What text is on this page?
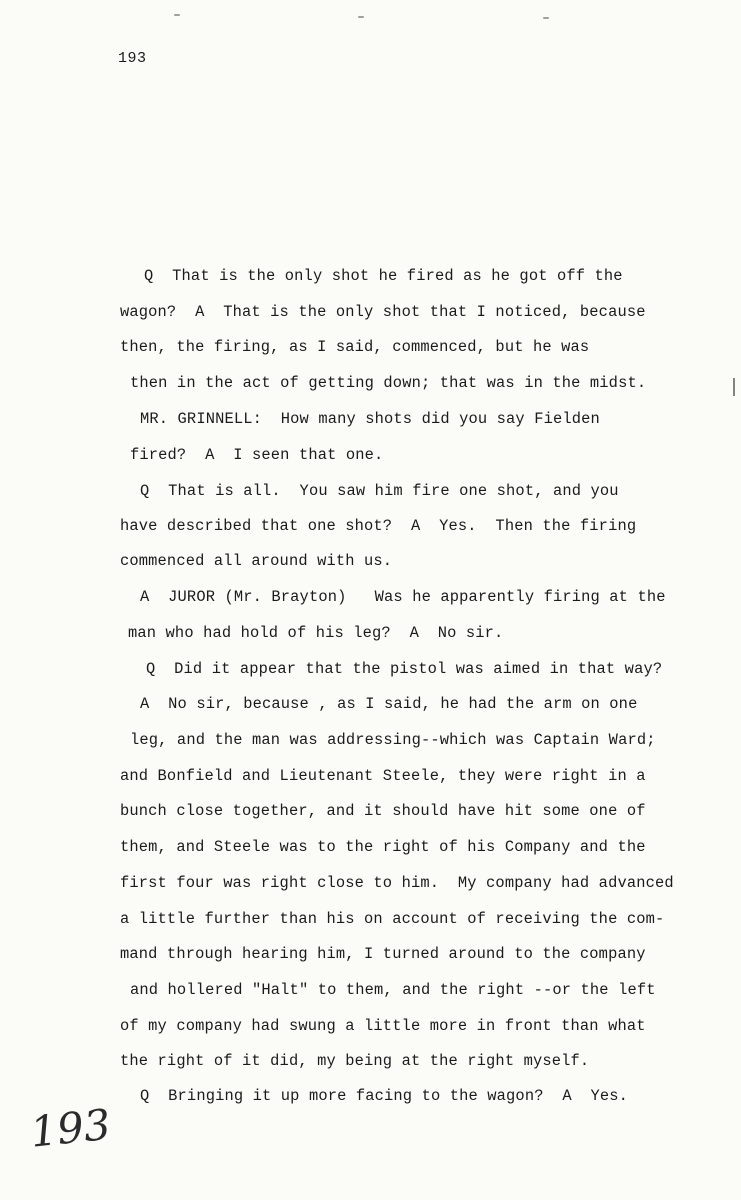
193
Q  That is the only shot he fired as he got off the
wagon?  A  That is the only shot that I noticed, because
then, the firing, as I said, commenced, but he was
then in the act of getting down; that was in the midst.
MR. GRINNELL:  How many shots did you say Fielden
fired?  A  I seen that one.
Q  That is all.  You saw him fire one shot, and you
have described that one shot?  A  Yes.  Then the firing
commenced all around with us.
A  JUROR (Mr. Brayton)   Was he apparently firing at the
man who had hold of his leg?  A  No sir.
Q  Did it appear that the pistol was aimed in that way?
A  No sir, because , as I said, he had the arm on one
leg, and the man was addressing--which was Captain Ward;
and Bonfield and Lieutenant Steele, they were right in a
bunch close together, and it should have hit some one of
them, and Steele was to the right of his Company and the
first four was right close to him.  My company had advanced
a little further than his on account of receiving the com-
mand through hearing him, I turned around to the company
and hollered "Halt" to them, and the right --or the left
of my company had swung a little more in front than what
the right of it did, my being at the right myself.
Q  Bringing it up more facing to the wagon?  A  Yes.
193
